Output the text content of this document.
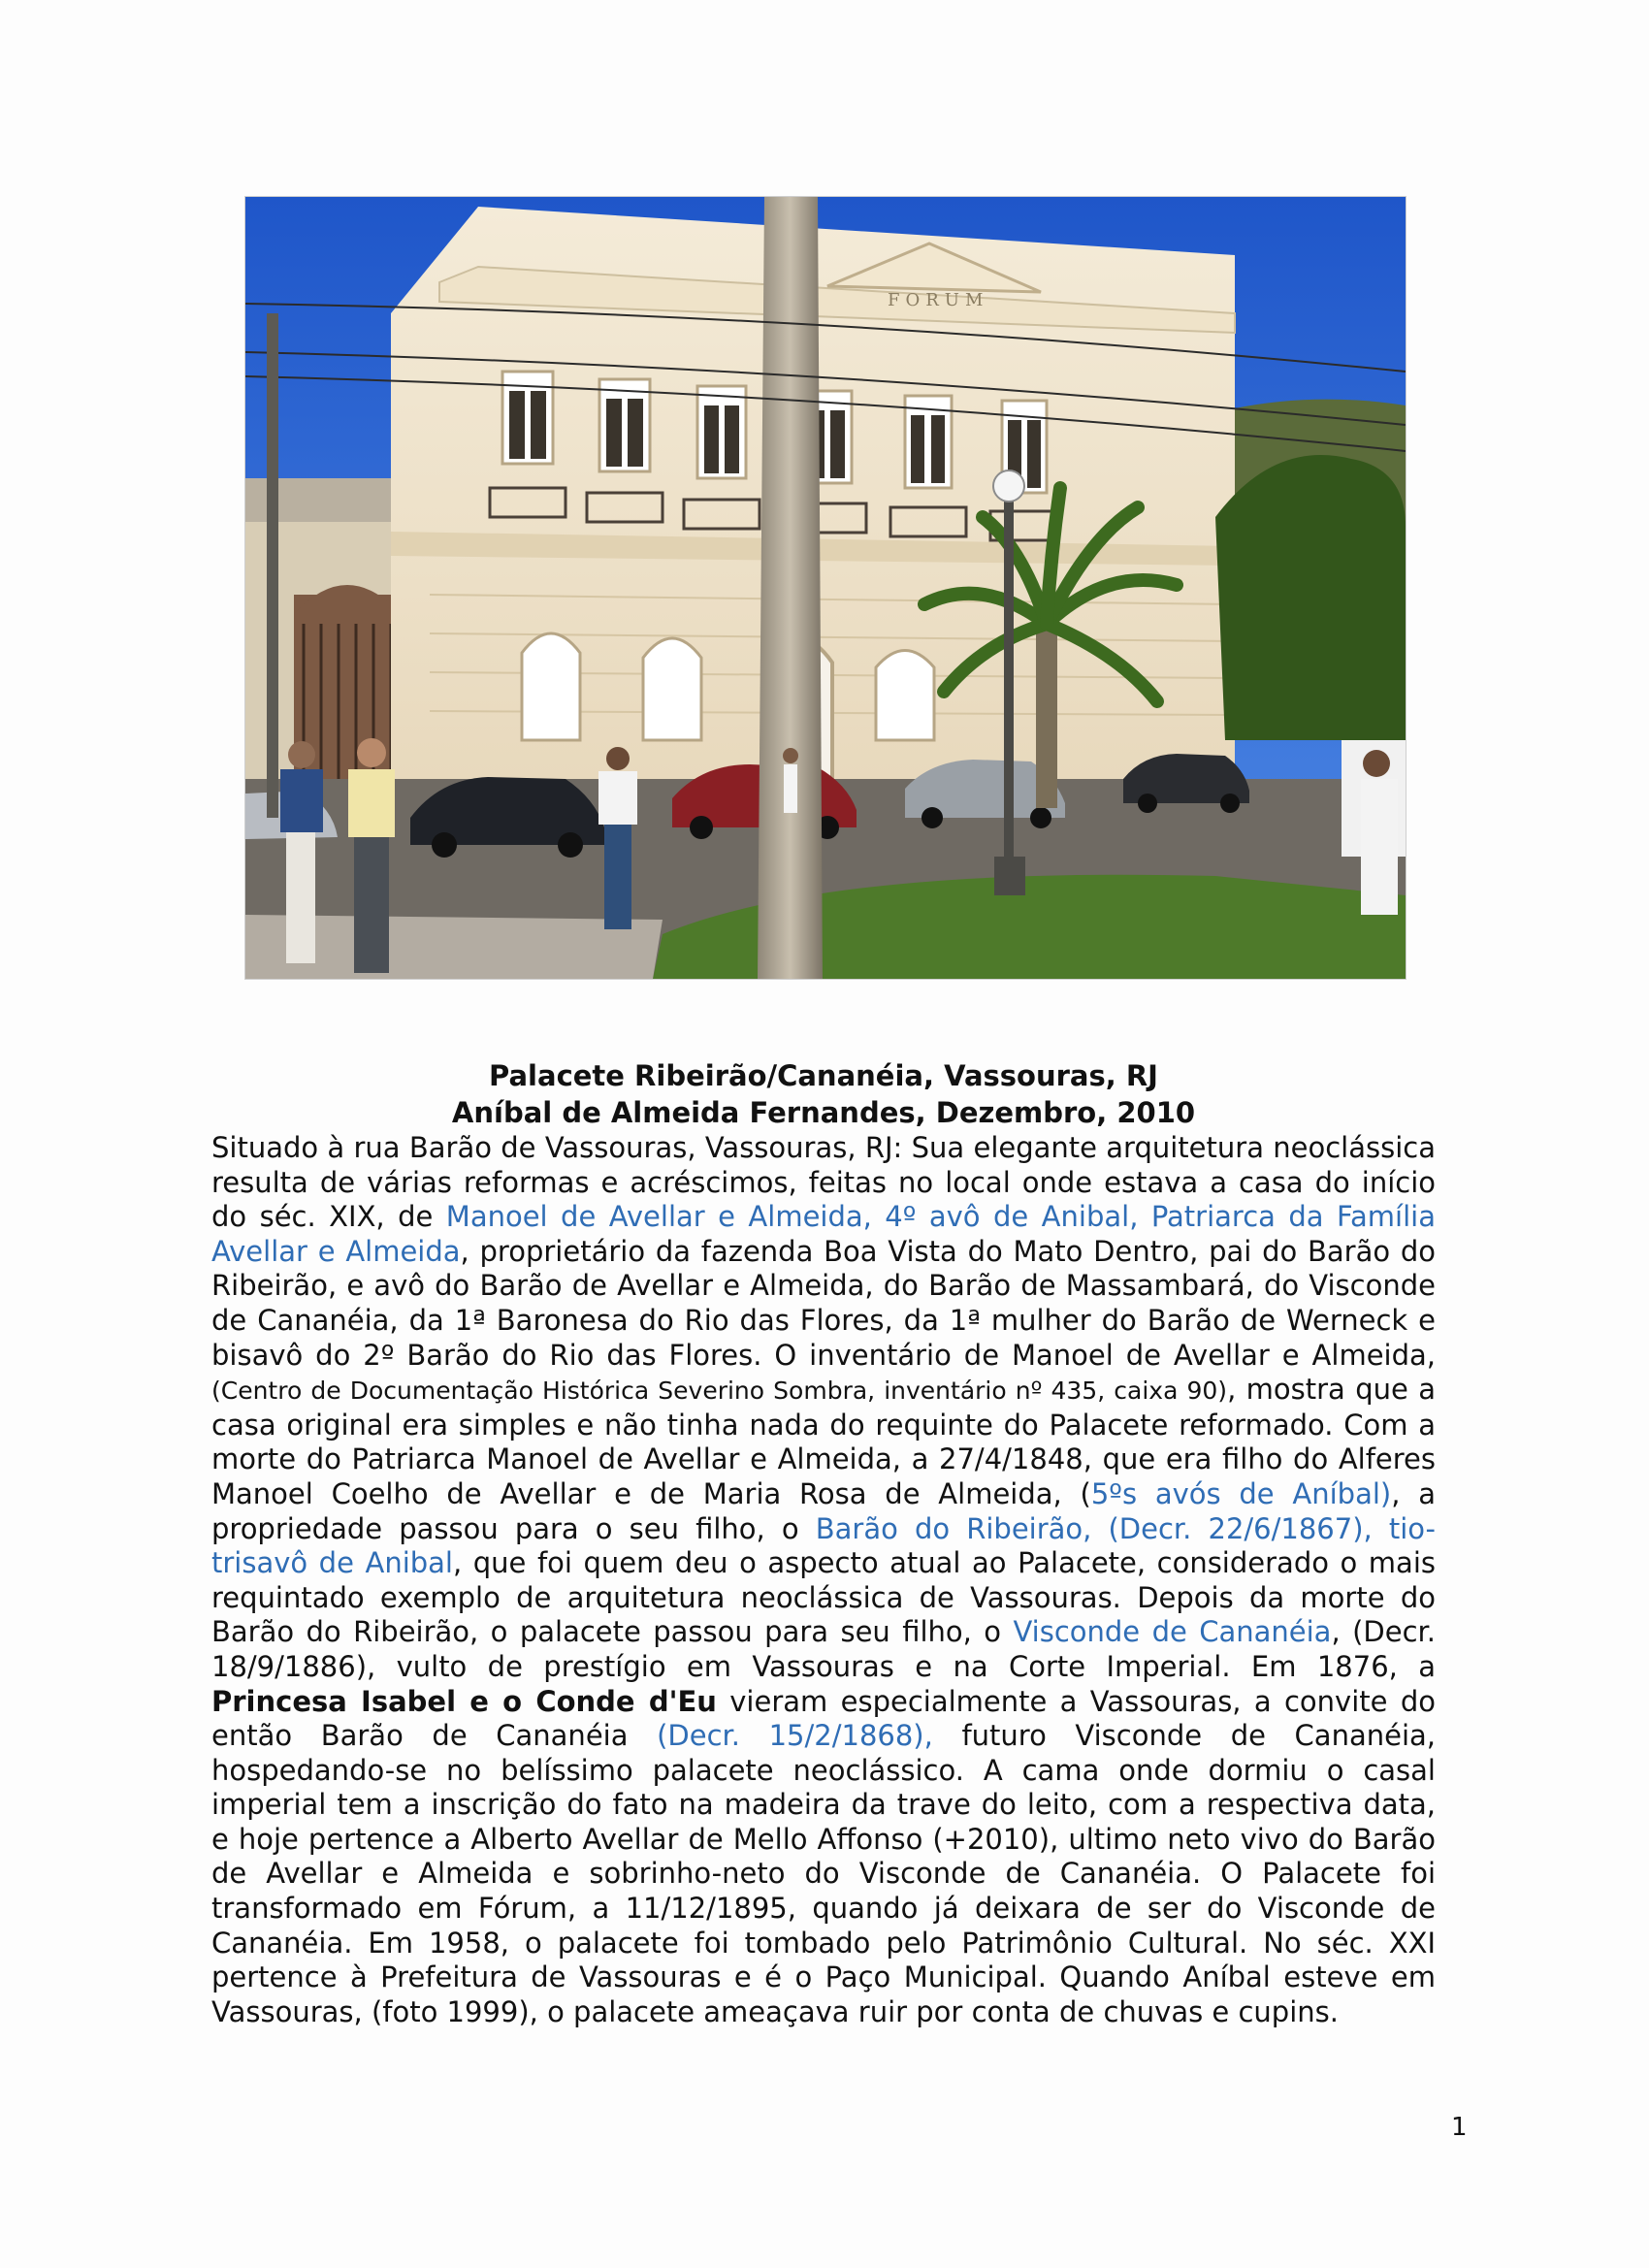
FORUM

Palacete Ribeirão/Cananéia, Vassouras, RJ

Aníbal de Almeida Fernandes, Dezembro, 2010

Situado à rua Barão de Vassouras, Vassouras, RJ: Sua elegante arquitetura neoclássica resulta de várias reformas e acréscimos, feitas no local onde estava a casa do início do séc. XIX, de Manoel de Avellar e Almeida, 4º avô de Anibal, Patriarca da Família Avellar e Almeida, proprietário da fazenda Boa Vista do Mato Dentro, pai do Barão do Ribeirão, e avô do Barão de Avellar e Almeida, do Barão de Massambará, do Visconde de Cananéia, da 1ª Baronesa do Rio das Flores, da 1ª mulher do Barão de Werneck e bisavô do 2º Barão do Rio das Flores. O inventário de Manoel de Avellar e Almeida, (Centro de Documentação Histórica Severino Sombra, inventário nº 435, caixa 90), mostra que a casa original era simples e não tinha nada do requinte do Palacete reformado. Com a morte do Patriarca Manoel de Avellar e Almeida, a 27/4/1848, que era filho do Alferes Manoel Coelho de Avellar e de Maria Rosa de Almeida, (5ºs avós de Aníbal), a propriedade passou para o seu filho, o Barão do Ribeirão, (Decr. 22/6/1867), tio-trisavô de Anibal, que foi quem deu o aspecto atual ao Palacete, considerado o mais requintado exemplo de arquitetura neoclássica de Vassouras. Depois da morte do Barão do Ribeirão, o palacete passou para seu filho, o Visconde de Cananéia, (Decr. 18/9/1886), vulto de prestígio em Vassouras e na Corte Imperial. Em 1876, a Princesa Isabel e o Conde d'Eu vieram especialmente a Vassouras, a convite do então Barão de Cananéia (Decr. 15/2/1868), futuro Visconde de Cananéia, hospedando-se no belíssimo palacete neoclássico. A cama onde dormiu o casal imperial tem a inscrição do fato na madeira da trave do leito, com a respectiva data, e hoje pertence a Alberto Avellar de Mello Affonso (+2010), ultimo neto vivo do Barão de Avellar e Almeida e sobrinho-neto do Visconde de Cananéia. O Palacete foi transformado em Fórum, a 11/12/1895, quando já deixara de ser do Visconde de Cananéia. Em 1958, o palacete foi tombado pelo Patrimônio Cultural. No séc. XXI pertence à Prefeitura de Vassouras e é o Paço Municipal. Quando Aníbal esteve em Vassouras, (foto 1999), o palacete ameaçava ruir por conta de chuvas e cupins.

1
